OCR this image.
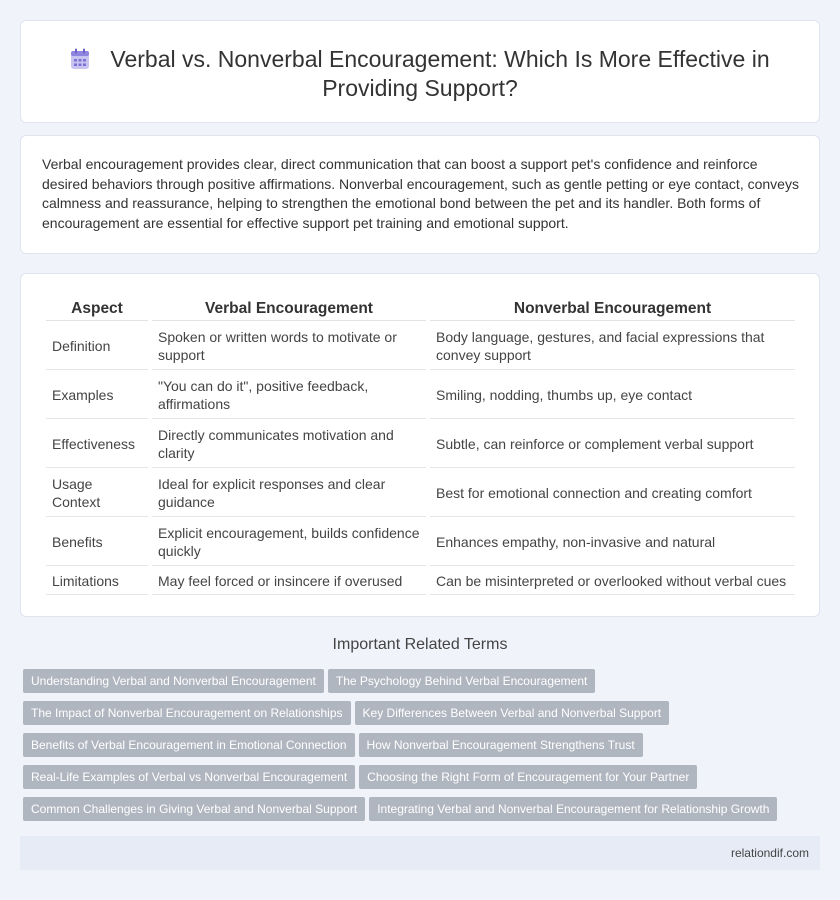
Verbal vs. Nonverbal Encouragement: Which Is More Effective in Providing Support?

Verbal encouragement provides clear, direct communication that can boost a support pet's confidence and reinforce desired behaviors through positive affirmations. Nonverbal encouragement, such as gentle petting or eye contact, conveys calmness and reassurance, helping to strengthen the emotional bond between the pet and its handler. Both forms of encouragement are essential for effective support pet training and emotional support.

Aspect	Verbal Encouragement	Nonverbal Encouragement
Definition	Spoken or written words to motivate or support	Body language, gestures, and facial expressions that convey support
Examples	"You can do it", positive feedback, affirmations	Smiling, nodding, thumbs up, eye contact
Effectiveness	Directly communicates motivation and clarity	Subtle, can reinforce or complement verbal support
Usage Context	Ideal for explicit responses and clear guidance	Best for emotional connection and creating comfort
Benefits	Explicit encouragement, builds confidence quickly	Enhances empathy, non-invasive and natural
Limitations	May feel forced or insincere if overused	Can be misinterpreted or overlooked without verbal cues
Important Related Terms
Understanding Verbal and Nonverbal Encouragement The Psychology Behind Verbal Encouragement
The Impact of Nonverbal Encouragement on Relationships Key Differences Between Verbal and Nonverbal Support
Benefits of Verbal Encouragement in Emotional Connection How Nonverbal Encouragement Strengthens Trust
Real-Life Examples of Verbal vs Nonverbal Encouragement Choosing the Right Form of Encouragement for Your Partner
Common Challenges in Giving Verbal and Nonverbal Support Integrating Verbal and Nonverbal Encouragement for Relationship Growth
relationdif.com
